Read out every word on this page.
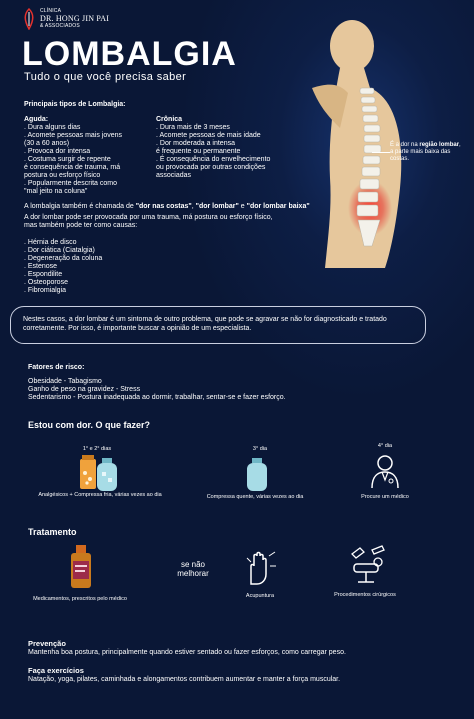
CLÍNICA
DR. HONG JIN PAI
& ASSOCIADOS
LOMBALGIA
Tudo o que você precisa saber
É a dor na região lombar, a parte mais baixa das costas.
Principais tipos de Lombalgia:
Aguda:
. Dura alguns dias
. Acomete pessoas mais jovens
(30 a 60 anos)
. Provoca dor intensa
. Costuma surgir de repente
é consequência de trauma, má
postura ou esforço físico
. Popularmente descrita como
"mal jeito na coluna"
Crônica
. Dura mais de 3 meses
. Acomete pessoas de mais idade
. Dor moderada a intensa
é frequente ou permanente
. É consequência do envelhecimento
ou provocada por outras condições
associadas
A lombalgia também é chamada de "dor nas costas", "dor lombar" e "dor lombar baixa"
A dor lombar pode ser provocada por uma trauma, má postura ou esforço físico,
mas também pode ter como causas:
. Hérnia de disco
. Dor ciática (Ciatalgia)
. Degeneração da coluna
. Estenose
. Espondilite
. Osteoporose
. Fibromialgia
Nestes casos, a dor lombar é um sintoma de outro problema, que pode se agravar se não for diagnosticado e tratado corretamente. Por isso, é importante buscar a opinião de um especialista.
Fatores de risco:
Obesidade - Tabagismo
Ganho de peso na gravidez - Stress
Sedentarismo - Postura inadequada ao dormir, trabalhar, sentar-se e fazer esforço.
Estou com dor. O que fazer?
1° e 2° dias
Analgésicos + Compressa fria, várias vezes ao dia
3° dia
Compressa quente, várias vezes ao dia
4° dia
Procure um médico
Tratamento
Medicamentos, prescritos pelo médico
se não
melhorar
Acupuntura	Procedimentos cirúrgicos
Prevenção
Mantenha boa postura, principalmente quando estiver sentado ou fazer esforços, como carregar peso.
Faça exercícios
Natação, yoga, pilates, caminhada e alongamentos contribuem aumentar e manter a força muscular.
